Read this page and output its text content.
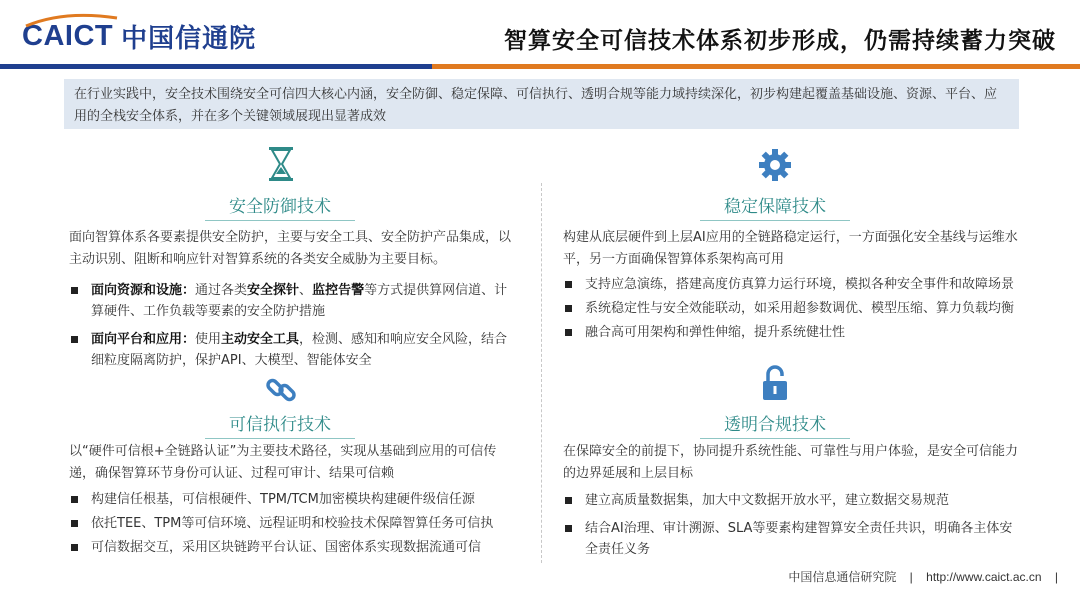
CAICT 中国信通院	智算安全可信技术体系初步形成，仍需持续蓄力突破
在行业实践中，安全技术围绕安全可信四大核心内涵，安全防御、稳定保障、可信执行、透明合规等能力域持续深化，初步构建起覆盖基础设施、资源、平台、应用的全栈安全体系，并在多个关键领域展现出显著成效
安全防御技术
面向智算体系各要素提供安全防护，主要与安全工具、安全防护产品集成，以主动识别、阻断和响应针对智算系统的各类安全威胁为主要目标。
面向资源和设施：通过各类安全探针、监控告警等方式提供算网信道、计算硬件、工作负载等要素的安全防护措施
面向平台和应用：使用主动安全工具，检测、感知和响应安全风险，结合细粒度隔离防护，保护API、大模型、智能体安全
稳定保障技术
构建从底层硬件到上层AI应用的全链路稳定运行，一方面强化安全基线与运维水平，另一方面确保智算体系架构高可用
支持应急演练，搭建高度仿真算力运行环境，模拟各种安全事件和故障场景
系统稳定性与安全效能联动，如采用超参数调优、模型压缩、算力负载均衡
融合高可用架构和弹性伸缩，提升系统健壮性
可信执行技术
以“硬件可信根+全链路认证”为主要技术路径，实现从基础到应用的可信传递，确保智算环节身份可认证、过程可审计、结果可信赖
构建信任根基，可信根硬件、TPM/TCM加密模块构建硬件级信任源
依托TEE、TPM等可信环境、远程证明和校验技术保障智算任务可信执
可信数据交互，采用区块链跨平台认证、国密体系实现数据流通可信
透明合规技术
在保障安全的前提下，协同提升系统性能、可靠性与用户体验，是安全可信能力的边界延展和上层目标
建立高质量数据集，加大中文数据开放水平，建立数据交易规范
结合AI治理、审计溯源、SLA等要素构建智算安全责任共识，明确各主体安全责任义务
中国信息通信研究院 | http://www.caict.ac.cn |
